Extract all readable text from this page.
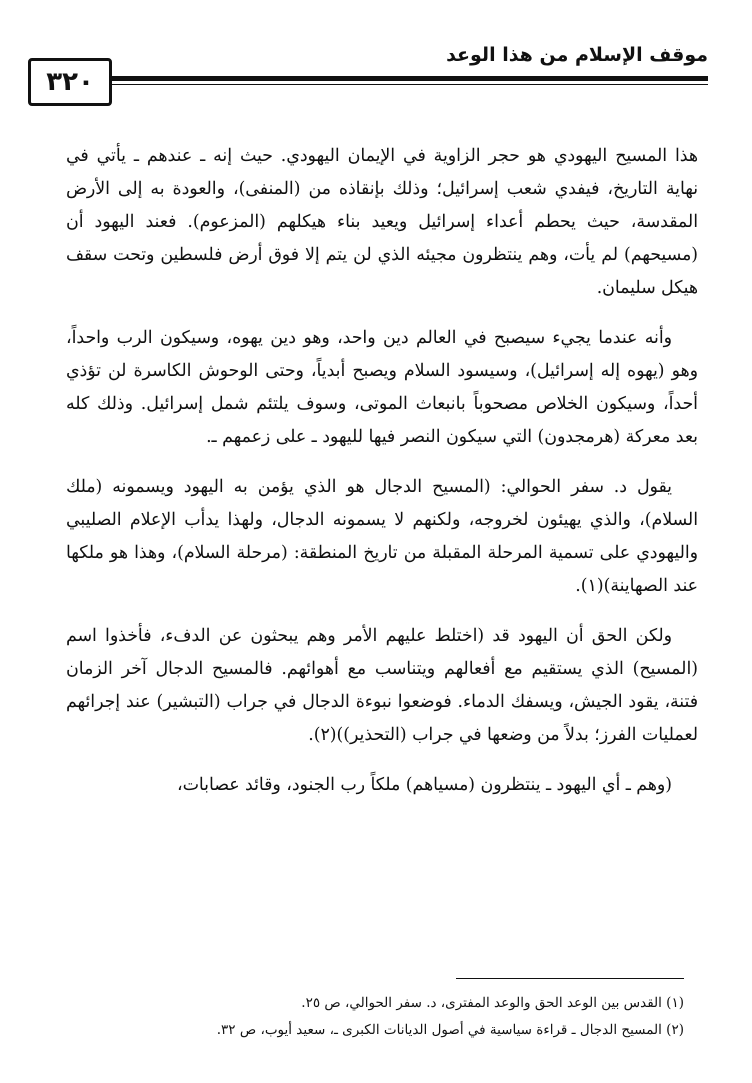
موقف الإسلام من هذا الوعد
٣٢٠

هذا المسيح اليهودي هو حجر الزاوية في الإيمان اليهودي. حيث إنه ـ عندهم ـ يأتي في نهاية التاريخ، فيفدي شعب إسرائيل؛ وذلك بإنقاذه من (المنفى)، والعودة به إلى الأرض المقدسة، حيث يحطم أعداء إسرائيل ويعيد بناء هيكلهم (المزعوم). فعند اليهود أن (مسيحهم) لم يأت، وهم ينتظرون مجيئه الذي لن يتم إلا فوق أرض فلسطين وتحت سقف هيكل سليمان.

وأنه عندما يجيء سيصبح في العالم دين واحد، وهو دين يهوه، وسيكون الرب واحداً، وهو (يهوه إله إسرائيل)، وسيسود السلام ويصبح أبدياً، وحتى الوحوش الكاسرة لن تؤذي أحداً، وسيكون الخلاص مصحوباً بانبعاث الموتى، وسوف يلتئم شمل إسرائيل. وذلك كله بعد معركة (هرمجدون) التي سيكون النصر فيها لليهود ـ على زعمهم ـ.

يقول د. سفر الحوالي: (المسيح الدجال هو الذي يؤمن به اليهود ويسمونه (ملك السلام)، والذي يهيئون لخروجه، ولكنهم لا يسمونه الدجال، ولهذا يدأب الإعلام الصليبي واليهودي على تسمية المرحلة المقبلة من تاريخ المنطقة: (مرحلة السلام)، وهذا هو ملكها عند الصهاينة)(١).

ولكن الحق أن اليهود قد (اختلط عليهم الأمر وهم يبحثون عن الدفء، فأخذوا اسم (المسيح) الذي يستقيم مع أفعالهم ويتناسب مع أهوائهم. فالمسيح الدجال آخر الزمان فتنة، يقود الجيش، ويسفك الدماء. فوضعوا نبوءة الدجال في جراب (التبشير) عند إجرائهم لعمليات الفرز؛ بدلاً من وضعها في جراب (التحذير))(٢).

(وهم ـ أي اليهود ـ ينتظرون (مسياهم) ملكاً رب الجنود، وقائد عصابات،

(١) القدس بين الوعد الحق والوعد المفترى، د. سفر الحوالي، ص ٢٥.

(٢) المسيح الدجال ـ قراءة سياسية في أصول الديانات الكبرى ـ، سعيد أيوب، ص ٣٢.
